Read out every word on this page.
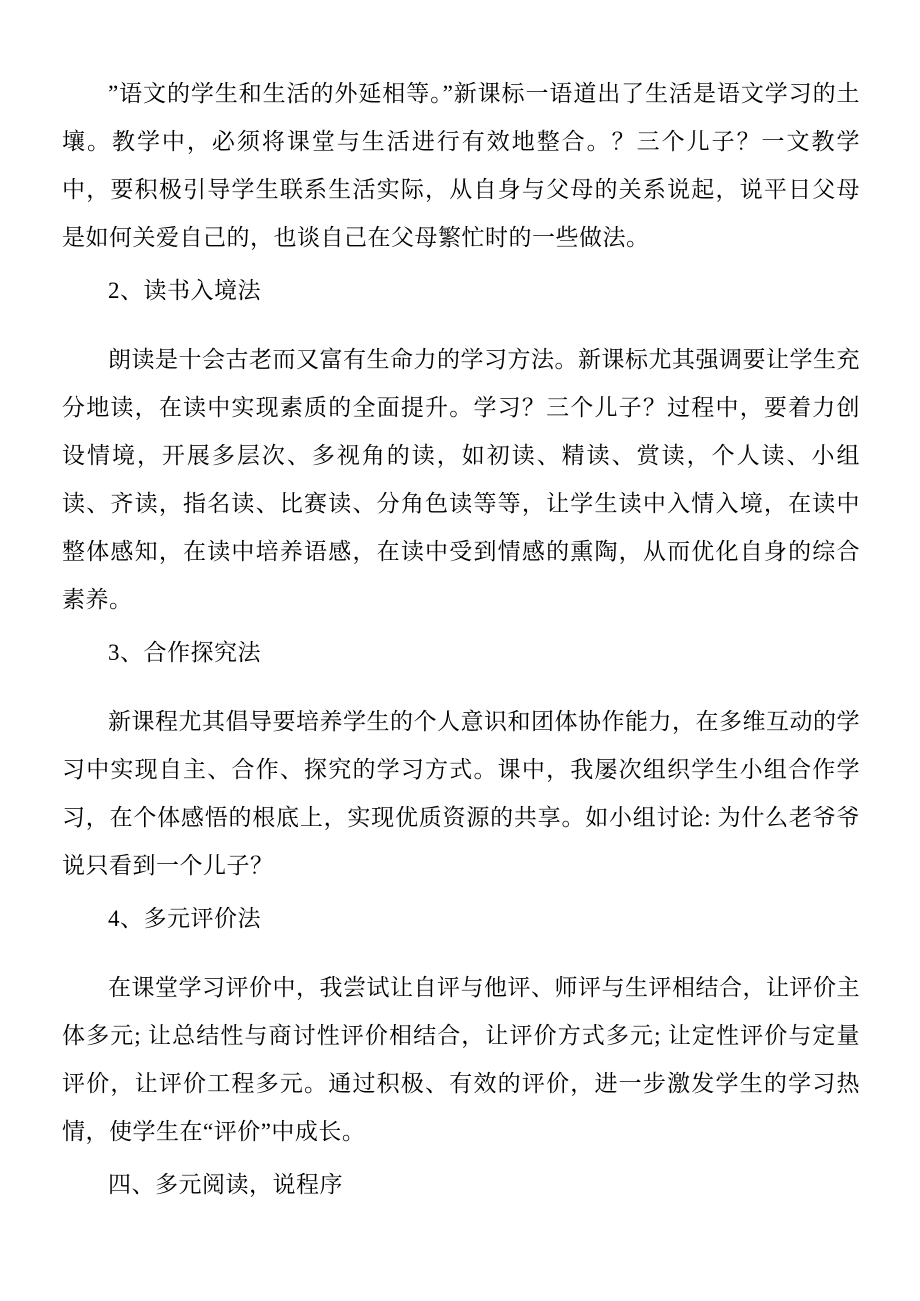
”语文的学生和生活的外延相等。”新课标一语道出了生活是语文学习的土壤。教学中，必须将课堂与生活进行有效地整合。？三个儿子？一文教学中，要积极引导学生联系生活实际，从自身与父母的关系说起，说平日父母是如何关爱自己的，也谈自己在父母繁忙时的一些做法。

2、读书入境法

朗读是十会古老而又富有生命力的学习方法。新课标尤其强调要让学生充分地读，在读中实现素质的全面提升。学习？三个儿子？过程中，要着力创设情境，开展多层次、多视角的读，如初读、精读、赏读，个人读、小组读、齐读，指名读、比赛读、分角色读等等，让学生读中入情入境，在读中整体感知，在读中培养语感，在读中受到情感的熏陶，从而优化自身的综合素养。

3、合作探究法

新课程尤其倡导要培养学生的个人意识和团体协作能力，在多维互动的学习中实现自主、合作、探究的学习方式。课中，我屡次组织学生小组合作学习，在个体感悟的根底上，实现优质资源的共享。如小组讨论: 为什么老爷爷说只看到一个儿子？

4、多元评价法

在课堂学习评价中，我尝试让自评与他评、师评与生评相结合，让评价主体多元; 让总结性与商讨性评价相结合，让评价方式多元; 让定性评价与定量评价，让评价工程多元。通过积极、有效的评价，进一步激发学生的学习热情，使学生在“评价”中成长。

四、多元阅读，说程序
